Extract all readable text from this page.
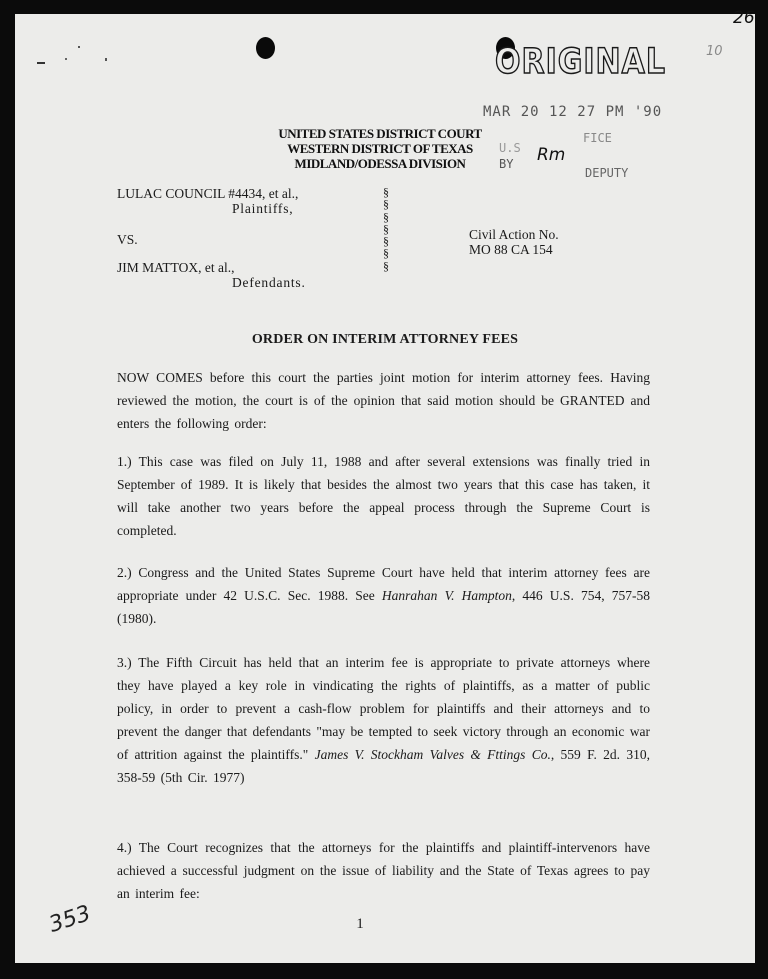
ORIGINAL
26
10
353
MAR 20 12 27 PM '90
FICE
U.S
BY Rm
DEPUTY
UNITED STATES DISTRICT COURT
WESTERN DISTRICT OF TEXAS
MIDLAND/ODESSA DIVISION
LULAC COUNCIL #4434, et al.,
Plaintiffs,
VS.
JIM MATTOX, et al.,
Defendants.
§
§
§
§
§
§
§
Civil Action No.
MO 88 CA 154
ORDER ON INTERIM ATTORNEY FEES
NOW COMES before this court the parties joint motion for interim attorney fees. Having reviewed the motion, the court is of the opinion that said motion should be GRANTED and enters the following order:
1.) This case was filed on July 11, 1988 and after several extensions was finally tried in September of 1989. It is likely that besides the almost two years that this case has taken, it will take another two years before the appeal process through the Supreme Court is completed.
2.) Congress and the United States Supreme Court have held that interim attorney fees are appropriate under 42 U.S.C. Sec. 1988. See Hanrahan V. Hampton, 446 U.S. 754, 757-58 (1980).
3.) The Fifth Circuit has held that an interim fee is appropriate to private attorneys where they have played a key role in vindicating the rights of plaintiffs, as a matter of public policy, in order to prevent a cash-flow problem for plaintiffs and their attorneys and to prevent the danger that defendants "may be tempted to seek victory through an economic war of attrition against the plaintiffs." James V. Stockham Valves & Fttings Co., 559 F. 2d. 310, 358-59 (5th Cir. 1977)
4.) The Court recognizes that the attorneys for the plaintiffs and plaintiff-intervenors have achieved a successful judgment on the issue of liability and the State of Texas agrees to pay an interim fee:
1
